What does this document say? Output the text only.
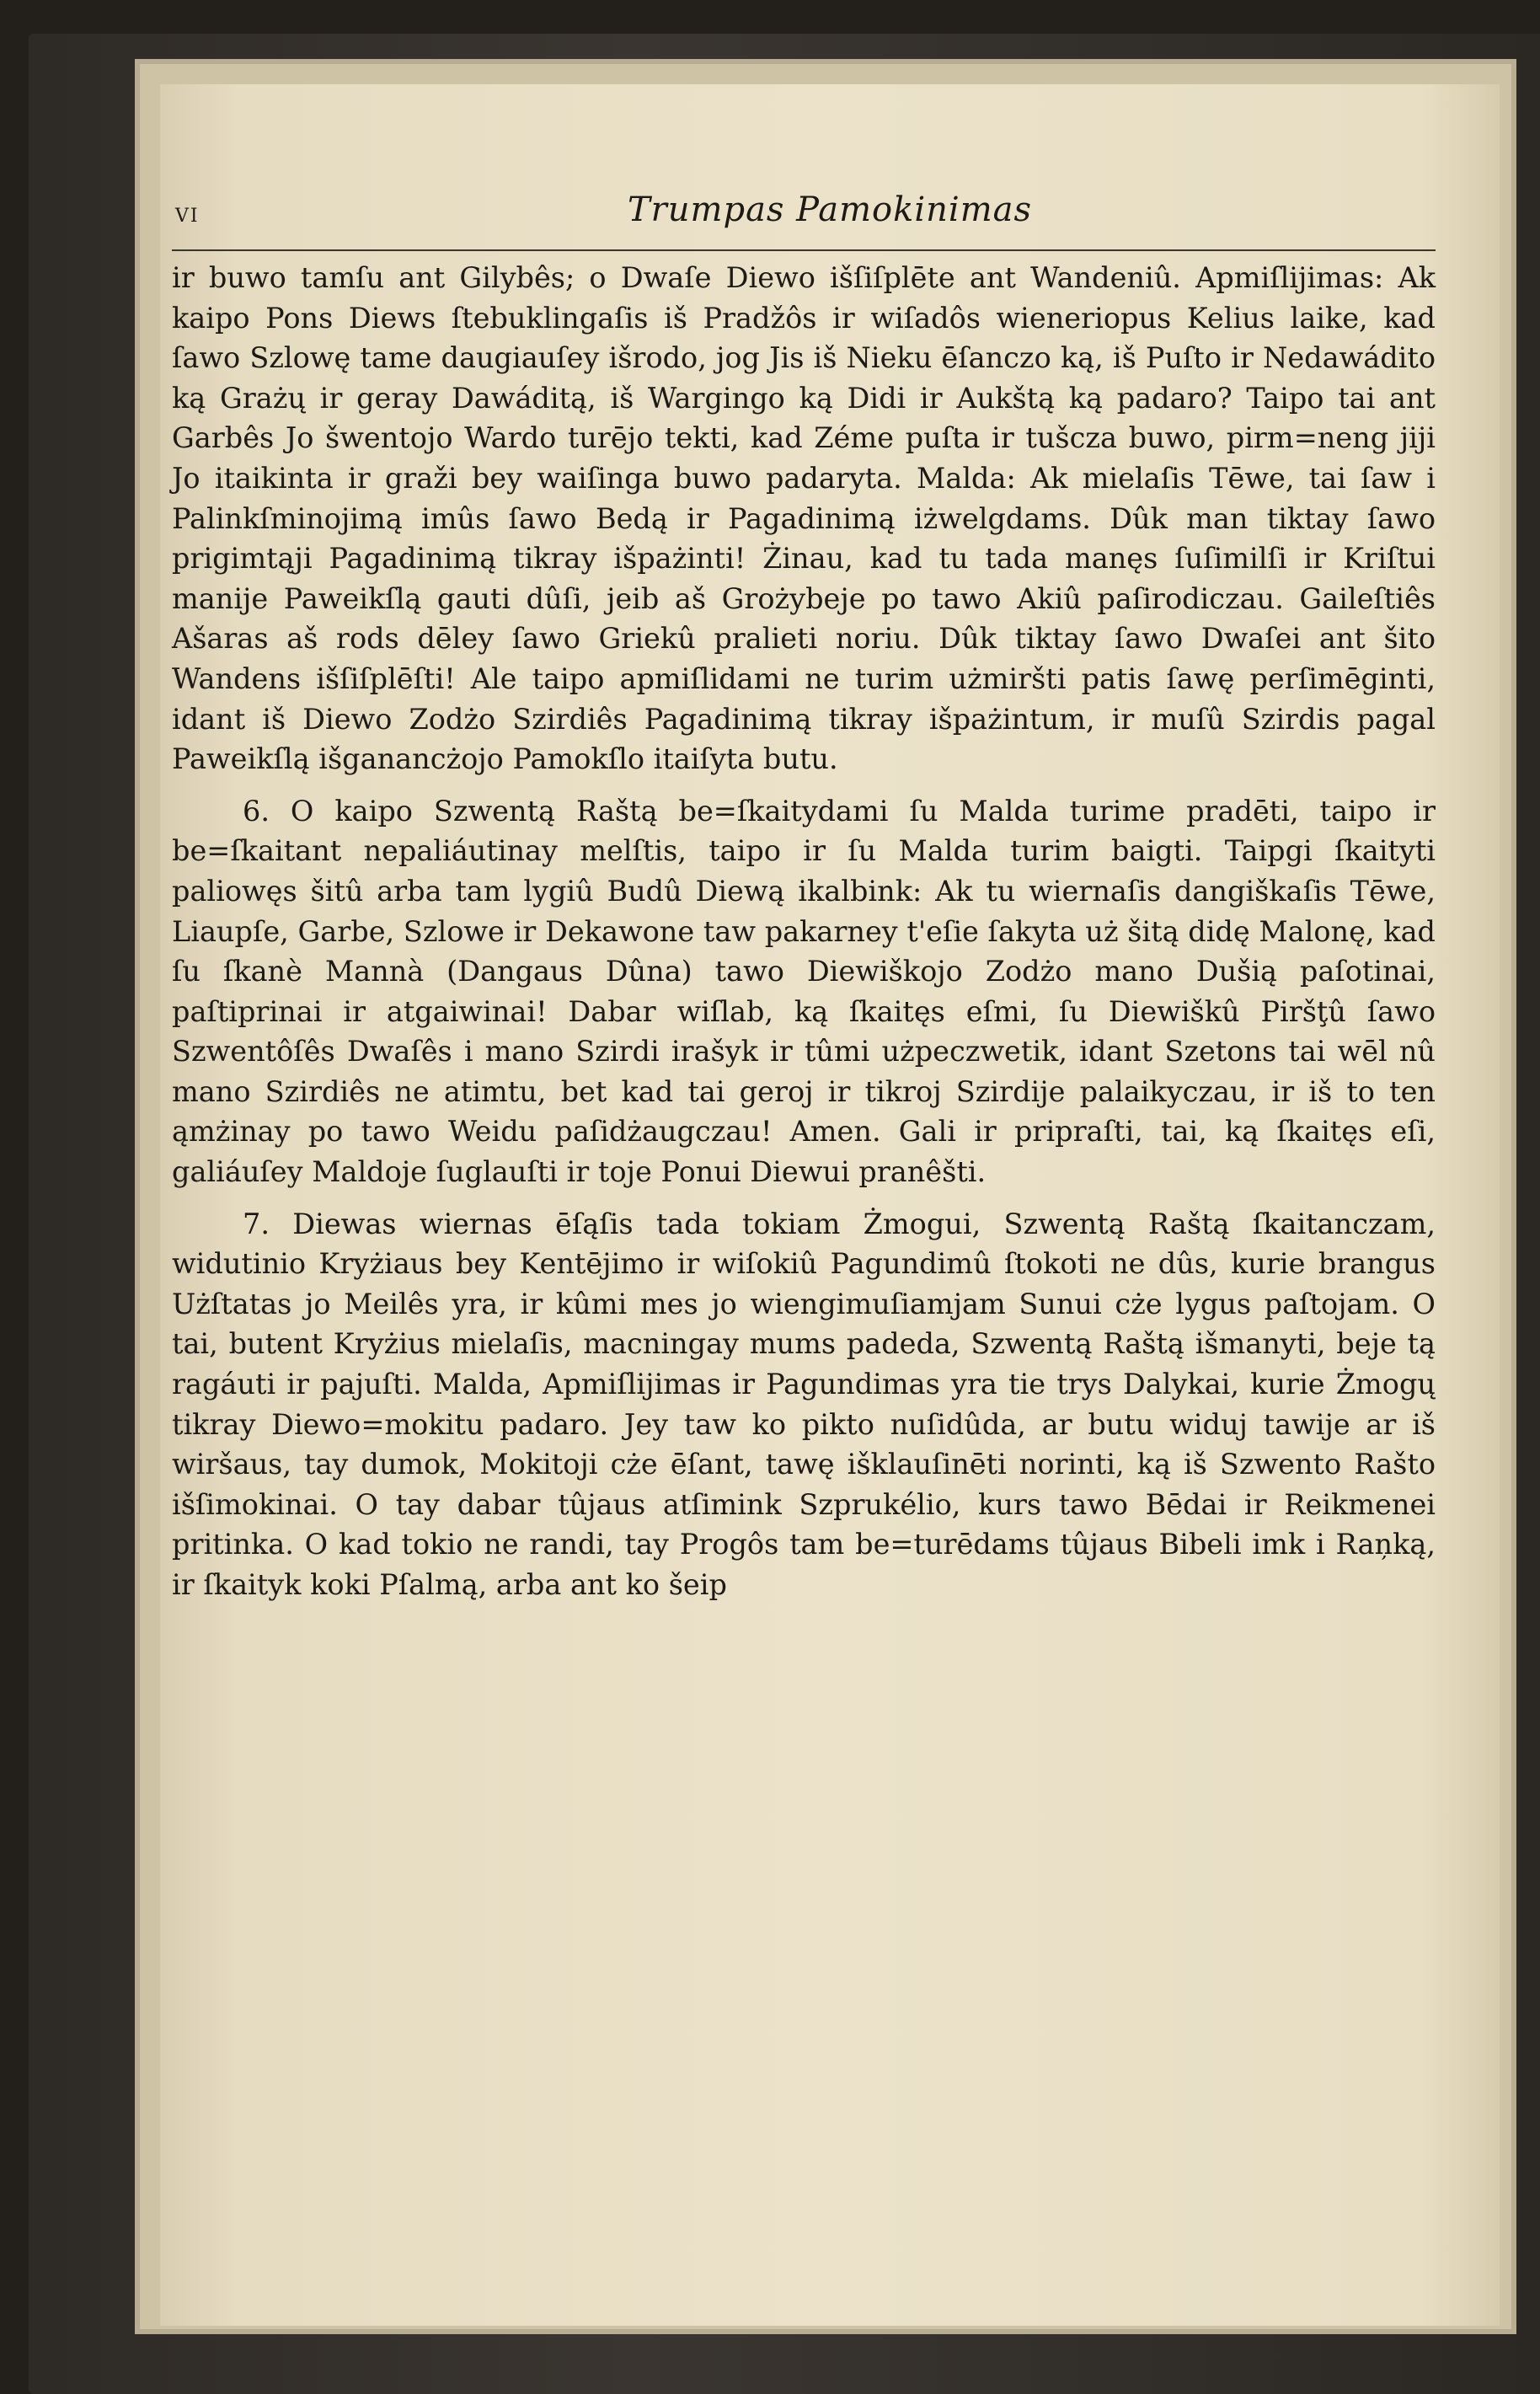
VI	Trumpas Pamokinimas

ir buwo tamſu ant Gilybês; o Dwaſe Diewo išſiſplēte ant Wandeniû. Apmiſlijimas: Ak kaipo Pons Diews ſtebuklingaſis iš Pradžôs ir wiſadôs wieneriopus Kelius laike, kad ſawo Szlowę tame daugiauſey išrodo, jog Jis iš Nieku ēſanczo ką, iš Puſto ir Nedawádito ką Grażų ir geray Dawáditą, iš Wargingo ką Didi ir Aukštą ką padaro? Taipo tai ant Garbês Jo šwentojo Wardo turējo tekti, kad Zéme puſta ir tušcza buwo, pirm=neng jiji Jo itaikinta ir graži bey waiſinga buwo padaryta. Malda: Ak mielaſis Tēwe, tai ſaw i Palinkſminojimą imûs ſawo Bedą ir Pagadinimą iżwelgdams. Dûk man tiktay ſawo prigimtąji Pagadinimą tikray išpażinti! Żinau, kad tu tada manęs ſuſimilſi ir Kriſtui manije Paweikſlą gauti dûſi, jeib aš Grożybeje po tawo Akiû paſirodiczau. Gaileſtiês Ašaras aš rods dēley ſawo Griekû pralieti noriu. Dûk tiktay ſawo Dwaſei ant šito Wandens išſiſplēſti! Ale taipo apmiſlidami ne turim użmiršti patis ſawę perſimēginti, idant iš Diewo Zodżo Szirdiês Pagadinimą tikray išpażintum, ir muſû Szirdis pagal Paweikſlą išganancżojo Pamokſlo itaiſyta butu.

6. O kaipo Szwentą Raštą be=ſkaitydami ſu Malda turime pradēti, taipo ir be=ſkaitant nepaliáutinay melſtis, taipo ir ſu Malda turim baigti. Taipgi ſkaityti paliowęs šitû arba tam lygiû Budû Diewą ikalbink: Ak tu wiernaſis dangiškaſis Tēwe, Liaupſe, Garbe, Szlowe ir Dekawone taw pakarney t'eſie ſakyta uż šitą didę Malonę, kad ſu ſkanè Mannà (Dangaus Dûna) tawo Diewiškojo Zodżo mano Dušią paſotinai, paſtiprinai ir atgaiwinai! Dabar wiſlab, ką ſkaitęs eſmi, ſu Diewiškû Piršţû ſawo Szwentôſês Dwaſês i mano Szirdi irašyk ir tûmi użpeczwetik, idant Szetons tai wēl nû mano Szirdiês ne atimtu, bet kad tai geroj ir tikroj Szirdije palaikyczau, ir iš to ten ąmżinay po tawo Weidu paſidżaugczau! Amen. Gali ir pripraſti, tai, ką ſkaitęs eſi, galiáuſey Maldoje ſuglauſti ir toje Ponui Diewui pranêšti.

7. Diewas wiernas ēſąſis tada tokiam Żmogui, Szwentą Raštą ſkaitanczam, widutinio Kryżiaus bey Kentējimo ir wiſokiû Pagundimû ſtokoti ne dûs, kurie brangus Użſtatas jo Meilês yra, ir kûmi mes jo wiengimuſiamjam Sunui cże lygus paſtojam. O tai, butent Kryżius mielaſis, macningay mums padeda, Szwentą Raštą išmanyti, beje tą ragáuti ir pajuſti. Malda, Apmiſlijimas ir Pagundimas yra tie trys Dalykai, kurie Żmogų tikray Diewo=mokitu padaro. Jey taw ko pikto nuſidûda, ar butu widuj tawije ar iš wiršaus, tay dumok, Mokitoji cże ēſant, tawę išklauſinēti norinti, ką iš Szwento Rašto išſimokinai. O tay dabar tûjaus atſimink Szprukélio, kurs tawo Bēdai ir Reikmenei pritinka. O kad tokio ne randi, tay Progôs tam be=turēdams tûjaus Bibeli imk i Raņką, ir ſkaityk koki Pſalmą, arba ant ko šeip
